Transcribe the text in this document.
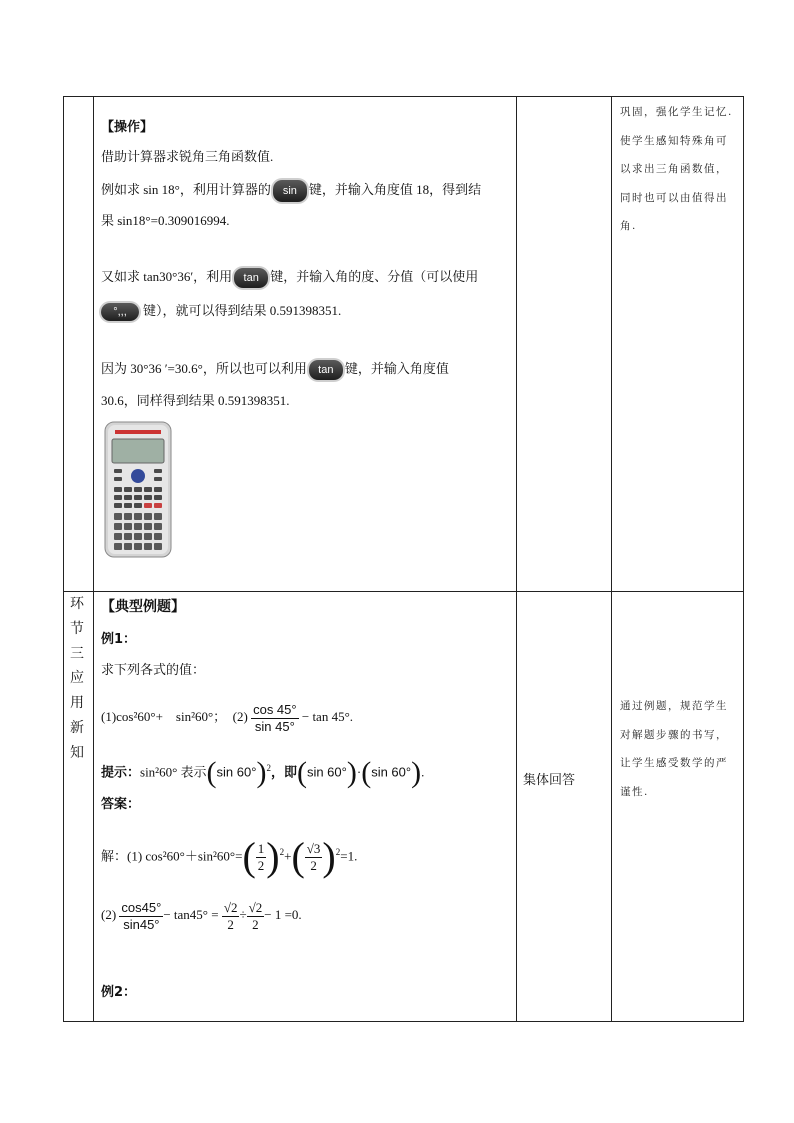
【操作】
借助计算器求锐角三角函数值.
例如求 sin 18°，利用计算器的 sin 键，并输入角度值 18，得到结
果 sin18°=0.309016994.
又如求 tan30°36′，利用 tan 键，并输入角的度、分值（可以使用
°,,, 键），就可以得到结果 0.591398351.
因为 30°36 ′=30.6°，所以也可以利用 tan 键，并输入角度值
30.6，同样得到结果 0.591398351.
巩固，强化学生记忆.使学生感知特殊角可以求出三角函数值，同时也可以由值得出角.
环节三应用新知
【典型例题】
例1：
求下列各式的值：
(1)cos²60°+　sin²60°；　$(2) \frac{\cos 45^\circ}{\sin 45^\circ} - \tan 45^\circ$.
提示：sin²60° 表示(sin 60°)$^2$，即(sin 60°)·(sin 60°).
答案：
解：(1) $\cos^260^\circ+\sin^260^\circ=( \frac{1}{2} )^2+( \frac{√3}{2} )^2=1$.
$(2) \frac{\cos 45^\circ}{\sin 45^\circ} - \tan 45^\circ = \frac{√2}{2} \div \frac{√2}{2} - 1 =0$.
例2：
集体回答
通过例题，规范学生对解题步骤的书写，让学生感受数学的严谨性.
